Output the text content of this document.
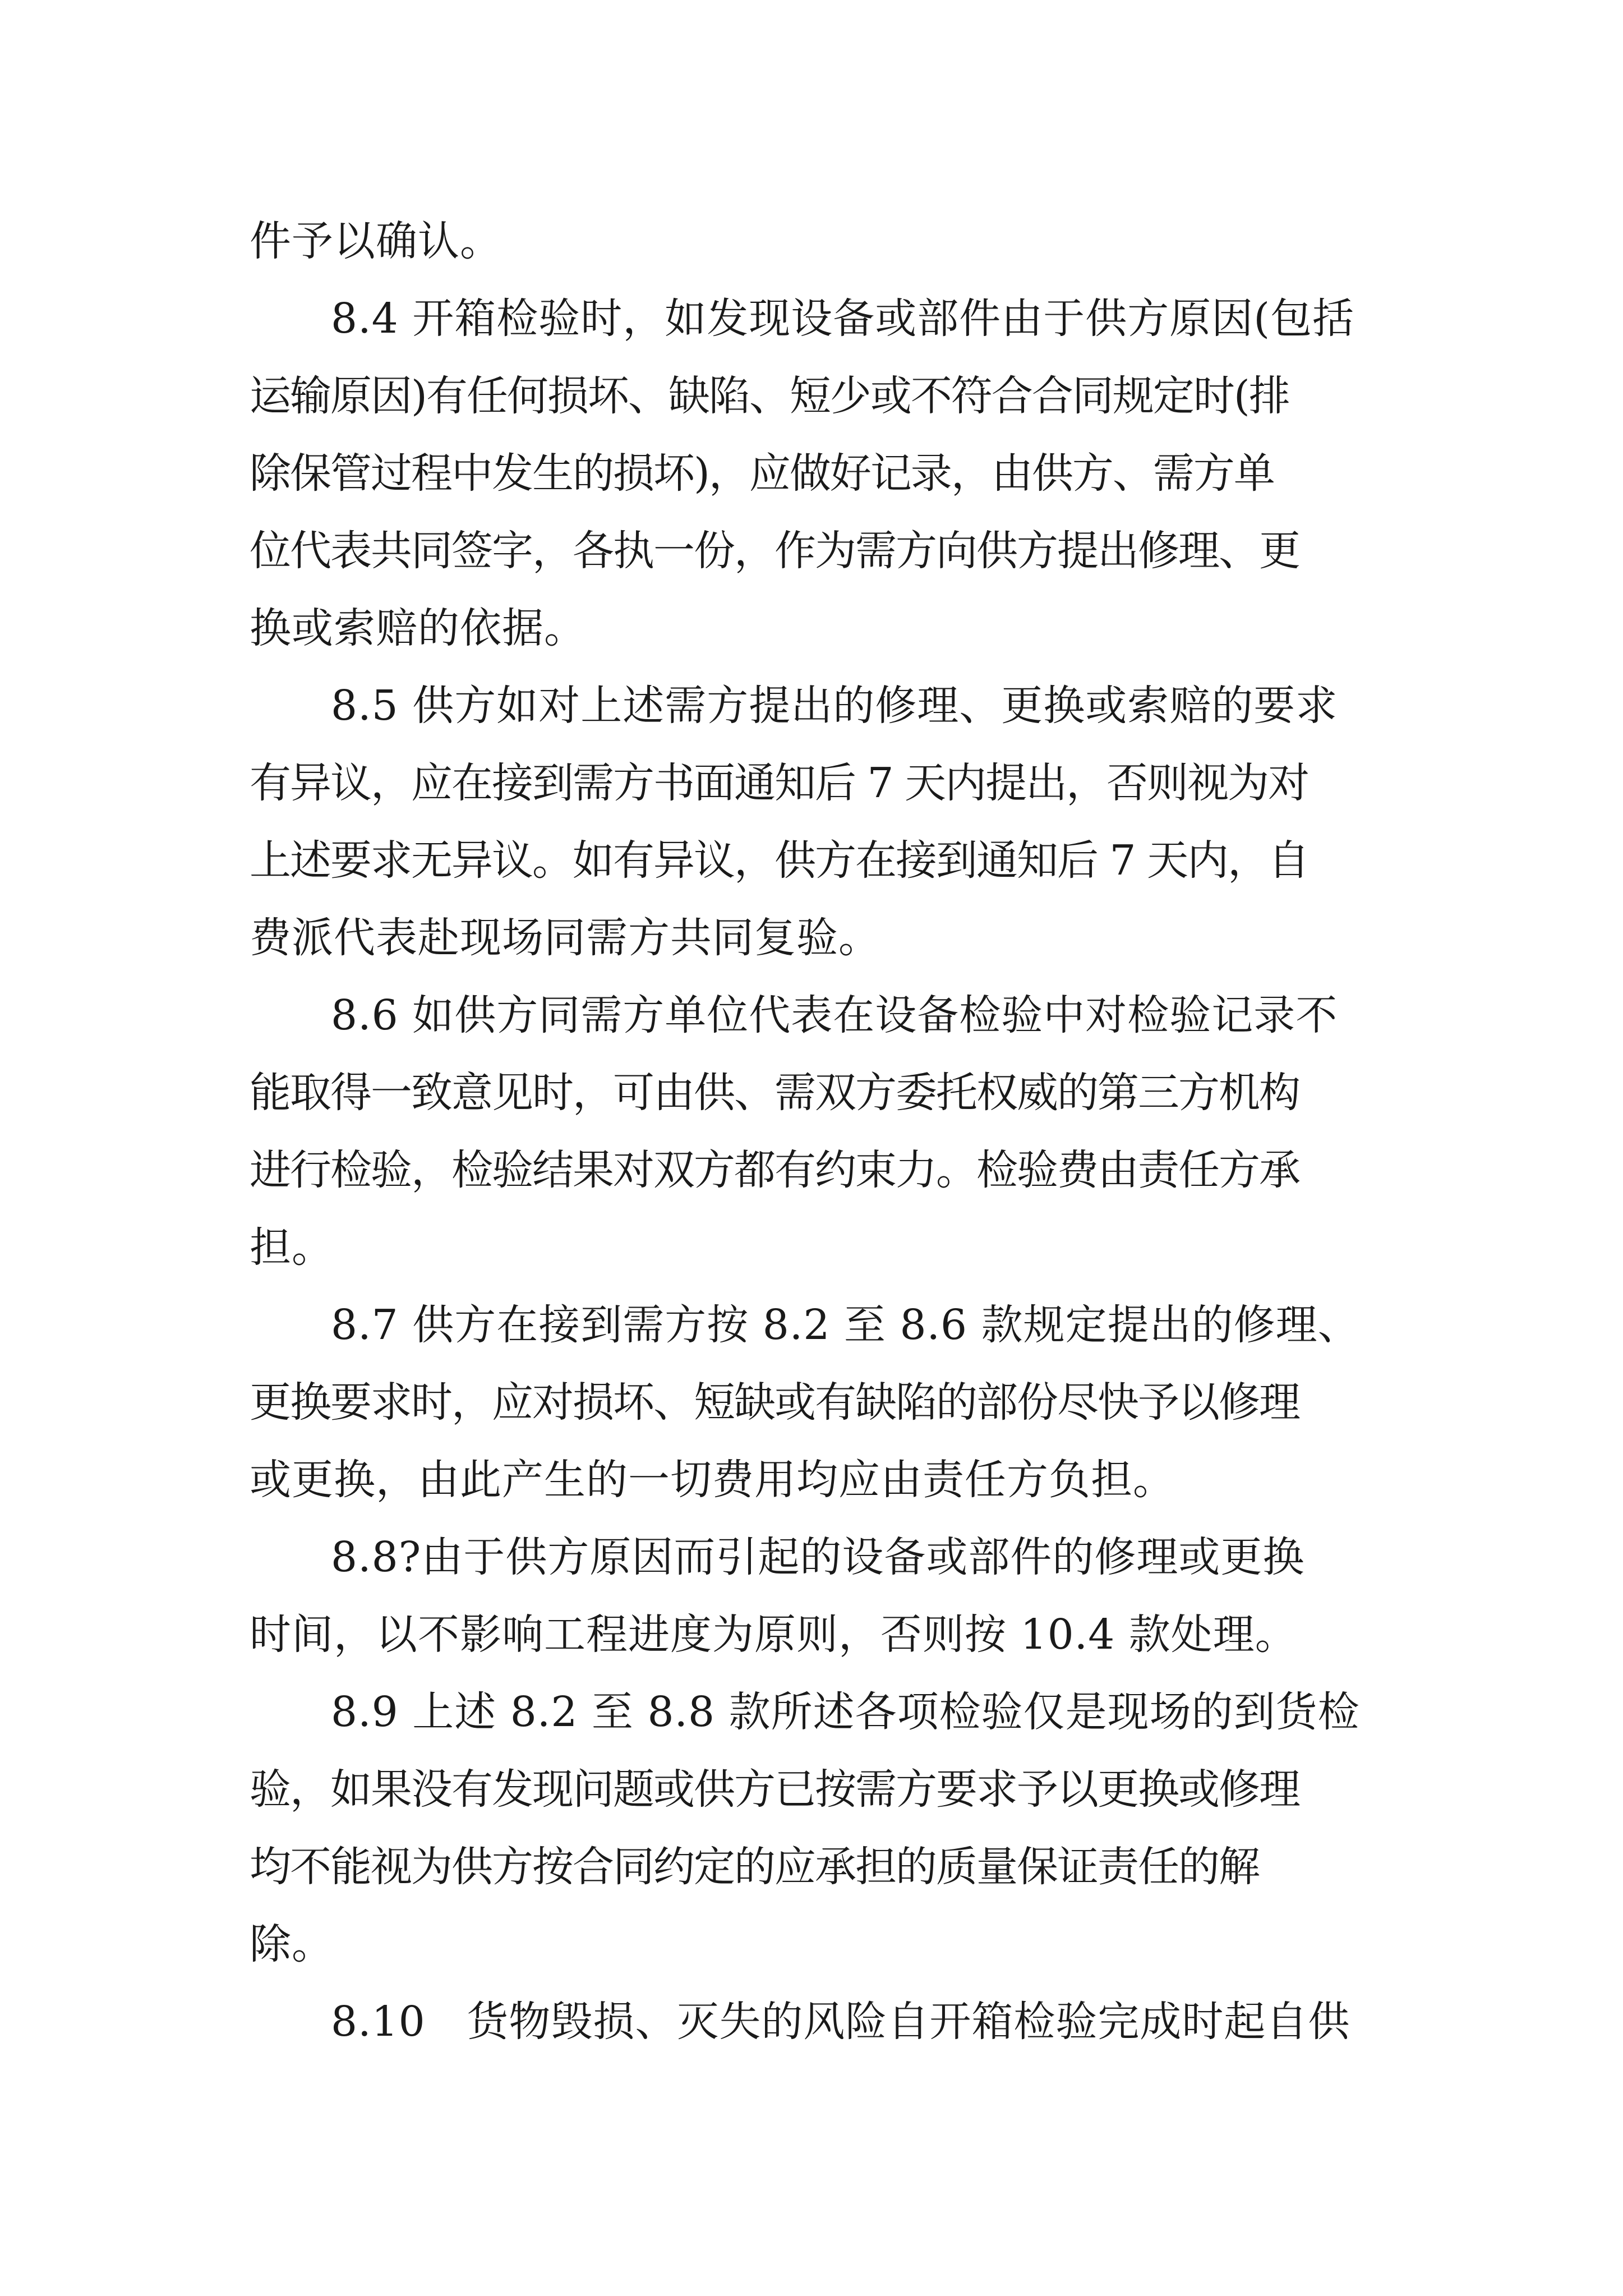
件予以确认。
8.4 开箱检验时，如发现设备或部件由于供方原因(包括
运输原因)有任何损坏、缺陷、短少或不符合合同规定时(排
除保管过程中发生的损坏)，应做好记录，由供方、需方单
位代表共同签字，各执一份，作为需方向供方提出修理、更
换或索赔的依据。
8.5 供方如对上述需方提出的修理、更换或索赔的要求
有异议，应在接到需方书面通知后 7 天内提出，否则视为对
上述要求无异议。如有异议，供方在接到通知后 7 天内，自
费派代表赴现场同需方共同复验。
8.6 如供方同需方单位代表在设备检验中对检验记录不
能取得一致意见时，可由供、需双方委托权威的第三方机构
进行检验，检验结果对双方都有约束力。检验费由责任方承
担。
8.7 供方在接到需方按 8.2 至 8.6 款规定提出的修理、
更换要求时，应对损坏、短缺或有缺陷的部份尽快予以修理
或更换，由此产生的一切费用均应由责任方负担。
8.8?由于供方原因而引起的设备或部件的修理或更换
时间，以不影响工程进度为原则，否则按 10.4 款处理。
8.9 上述 8.2 至 8.8 款所述各项检验仅是现场的到货检
验，如果没有发现问题或供方已按需方要求予以更换或修理
均不能视为供方按合同约定的应承担的质量保证责任的解
除。
8.10   货物毁损、灭失的风险自开箱检验完成时起自供
